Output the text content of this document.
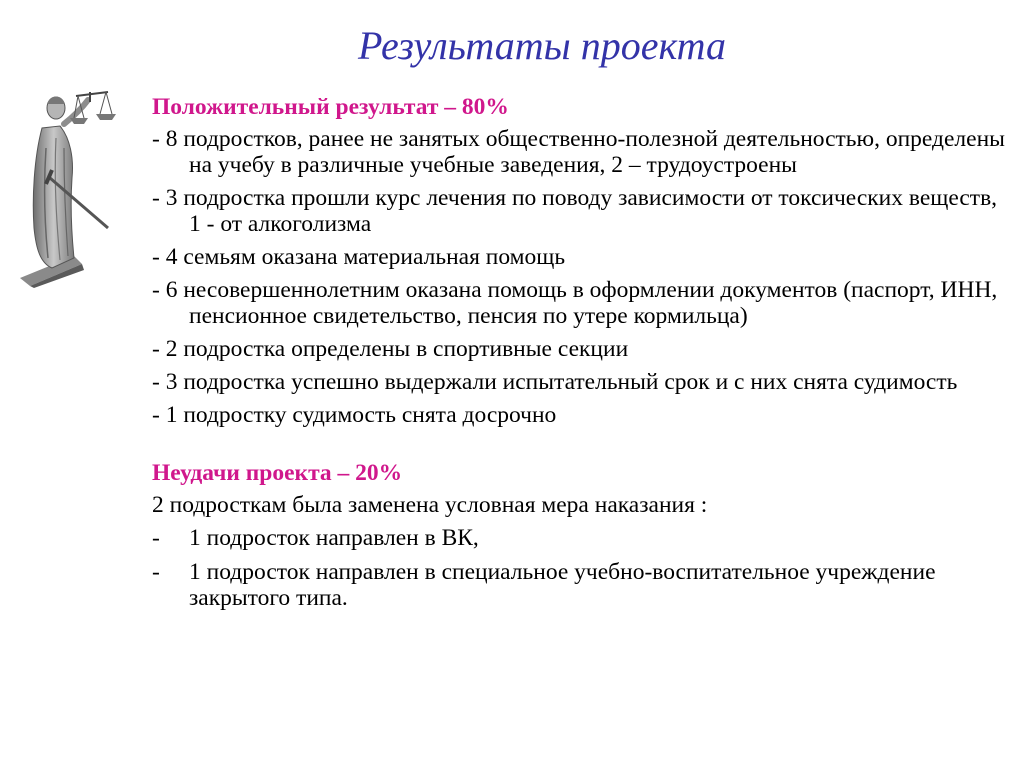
Результаты проекта
Положительный результат – 80%
- 8 подростков, ранее не занятых общественно-полезной деятельностью, определены на учебу в различные учебные заведения, 2 – трудоустроены
- 3 подростка прошли курс лечения по поводу зависимости от токсических веществ, 1 - от алкоголизма
- 4 семьям оказана материальная помощь
- 6 несовершеннолетним оказана помощь в оформлении документов (паспорт, ИНН, пенсионное свидетельство, пенсия по утере кормильца)
- 2 подростка определены в спортивные секции
- 3 подростка успешно выдержали испытательный срок и с них снята судимость
- 1 подростку судимость снята досрочно
Неудачи проекта – 20%
2 подросткам была заменена условная мера наказания :
- 1 подросток направлен в ВК,
- 1 подросток направлен в специальное учебно-воспитательное учреждение закрытого типа.
